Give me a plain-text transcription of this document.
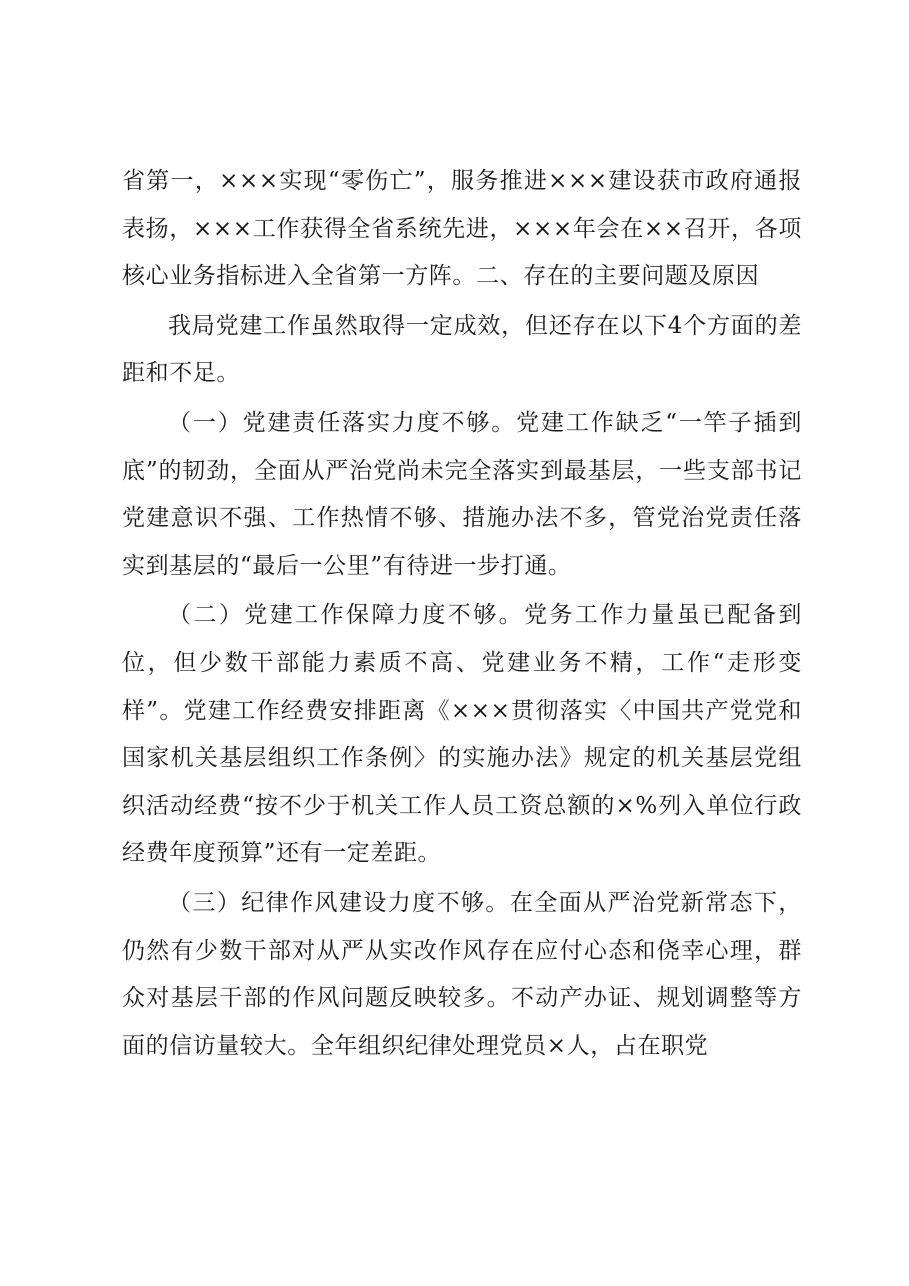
省第一，×××实现“零伤亡”，服务推进×××建设获市政府通报表扬，×××工作获得全省系统先进，×××年会在××召开，各项核心业务指标进入全省第一方阵。二、存在的主要问题及原因

我局党建工作虽然取得一定成效，但还存在以下4个方面的差距和不足。

（一）党建责任落实力度不够。党建工作缺乏“一竿子插到底”的韧劲，全面从严治党尚未完全落实到最基层，一些支部书记党建意识不强、工作热情不够、措施办法不多，管党治党责任落实到基层的“最后一公里”有待进一步打通。

（二）党建工作保障力度不够。党务工作力量虽已配备到位，但少数干部能力素质不高、党建业务不精，工作“走形变样”。党建工作经费安排距离《×××贯彻落实〈中国共产党党和国家机关基层组织工作条例〉的实施办法》规定的机关基层党组织活动经费“按不少于机关工作人员工资总额的×%列入单位行政经费年度预算”还有一定差距。

（三）纪律作风建设力度不够。在全面从严治党新常态下，仍然有少数干部对从严从实改作风存在应付心态和侥幸心理，群众对基层干部的作风问题反映较多。不动产办证、规划调整等方面的信访量较大。全年组织纪律处理党员×人，占在职党
